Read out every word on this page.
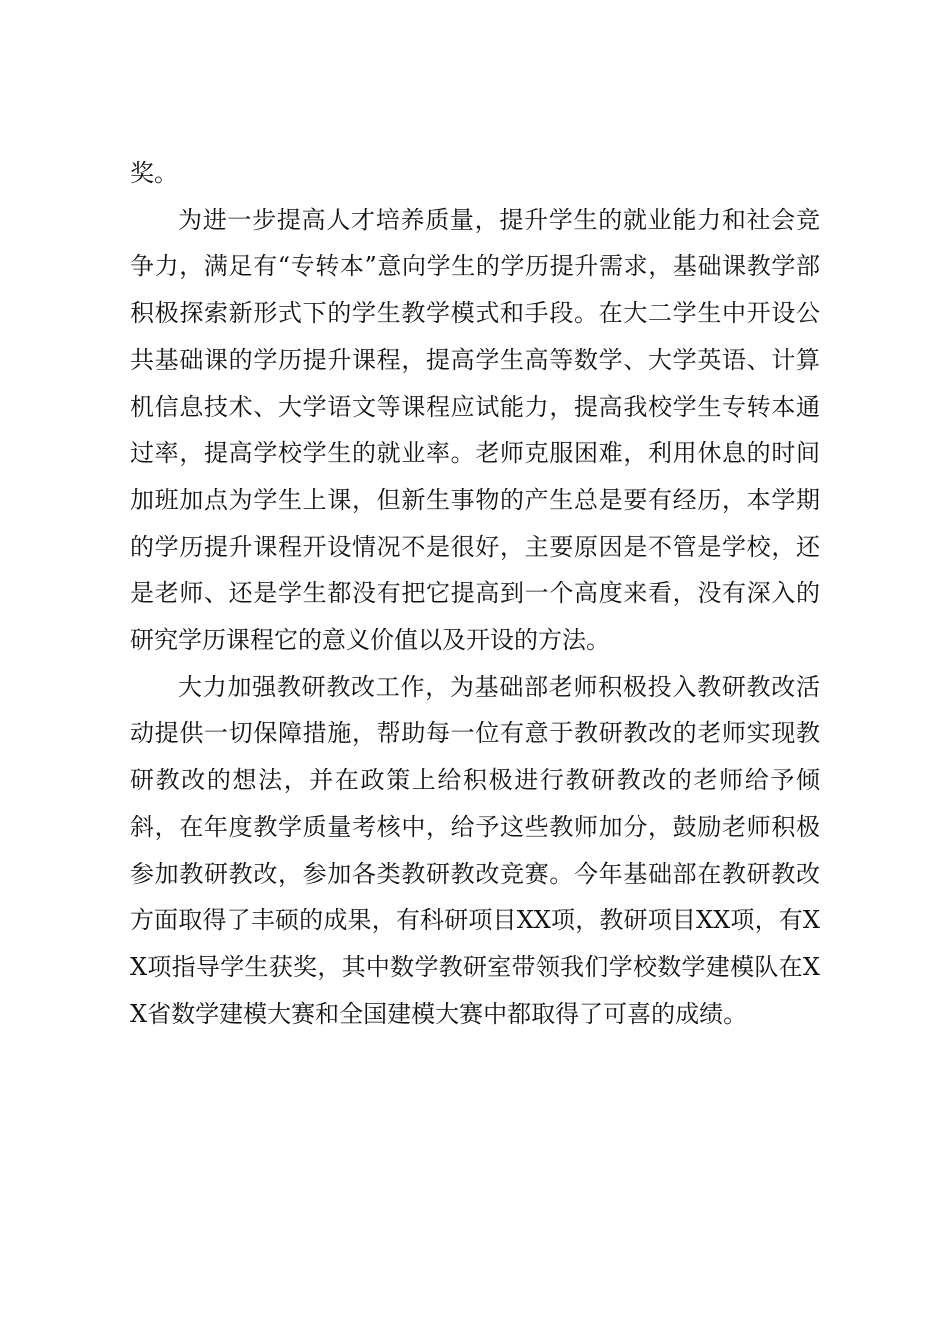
奖。

为进一步提高人才培养质量，提升学生的就业能力和社会竞争力，满足有“专转本”意向学生的学历提升需求，基础课教学部积极探索新形式下的学生教学模式和手段。在大二学生中开设公共基础课的学历提升课程，提高学生高等数学、大学英语、计算机信息技术、大学语文等课程应试能力，提高我校学生专转本通过率，提高学校学生的就业率。老师克服困难，利用休息的时间加班加点为学生上课，但新生事物的产生总是要有经历，本学期的学历提升课程开设情况不是很好，主要原因是不管是学校，还是老师、还是学生都没有把它提高到一个高度来看，没有深入的研究学历课程它的意义价值以及开设的方法。

大力加强教研教改工作，为基础部老师积极投入教研教改活动提供一切保障措施，帮助每一位有意于教研教改的老师实现教研教改的想法，并在政策上给积极进行教研教改的老师给予倾斜，在年度教学质量考核中，给予这些教师加分，鼓励老师积极参加教研教改，参加各类教研教改竞赛。今年基础部在教研教改方面取得了丰硕的成果，有科研项目XX项，教研项目XX项，有XX项指导学生获奖，其中数学教研室带领我们学校数学建模队在XX省数学建模大赛和全国建模大赛中都取得了可喜的成绩。
